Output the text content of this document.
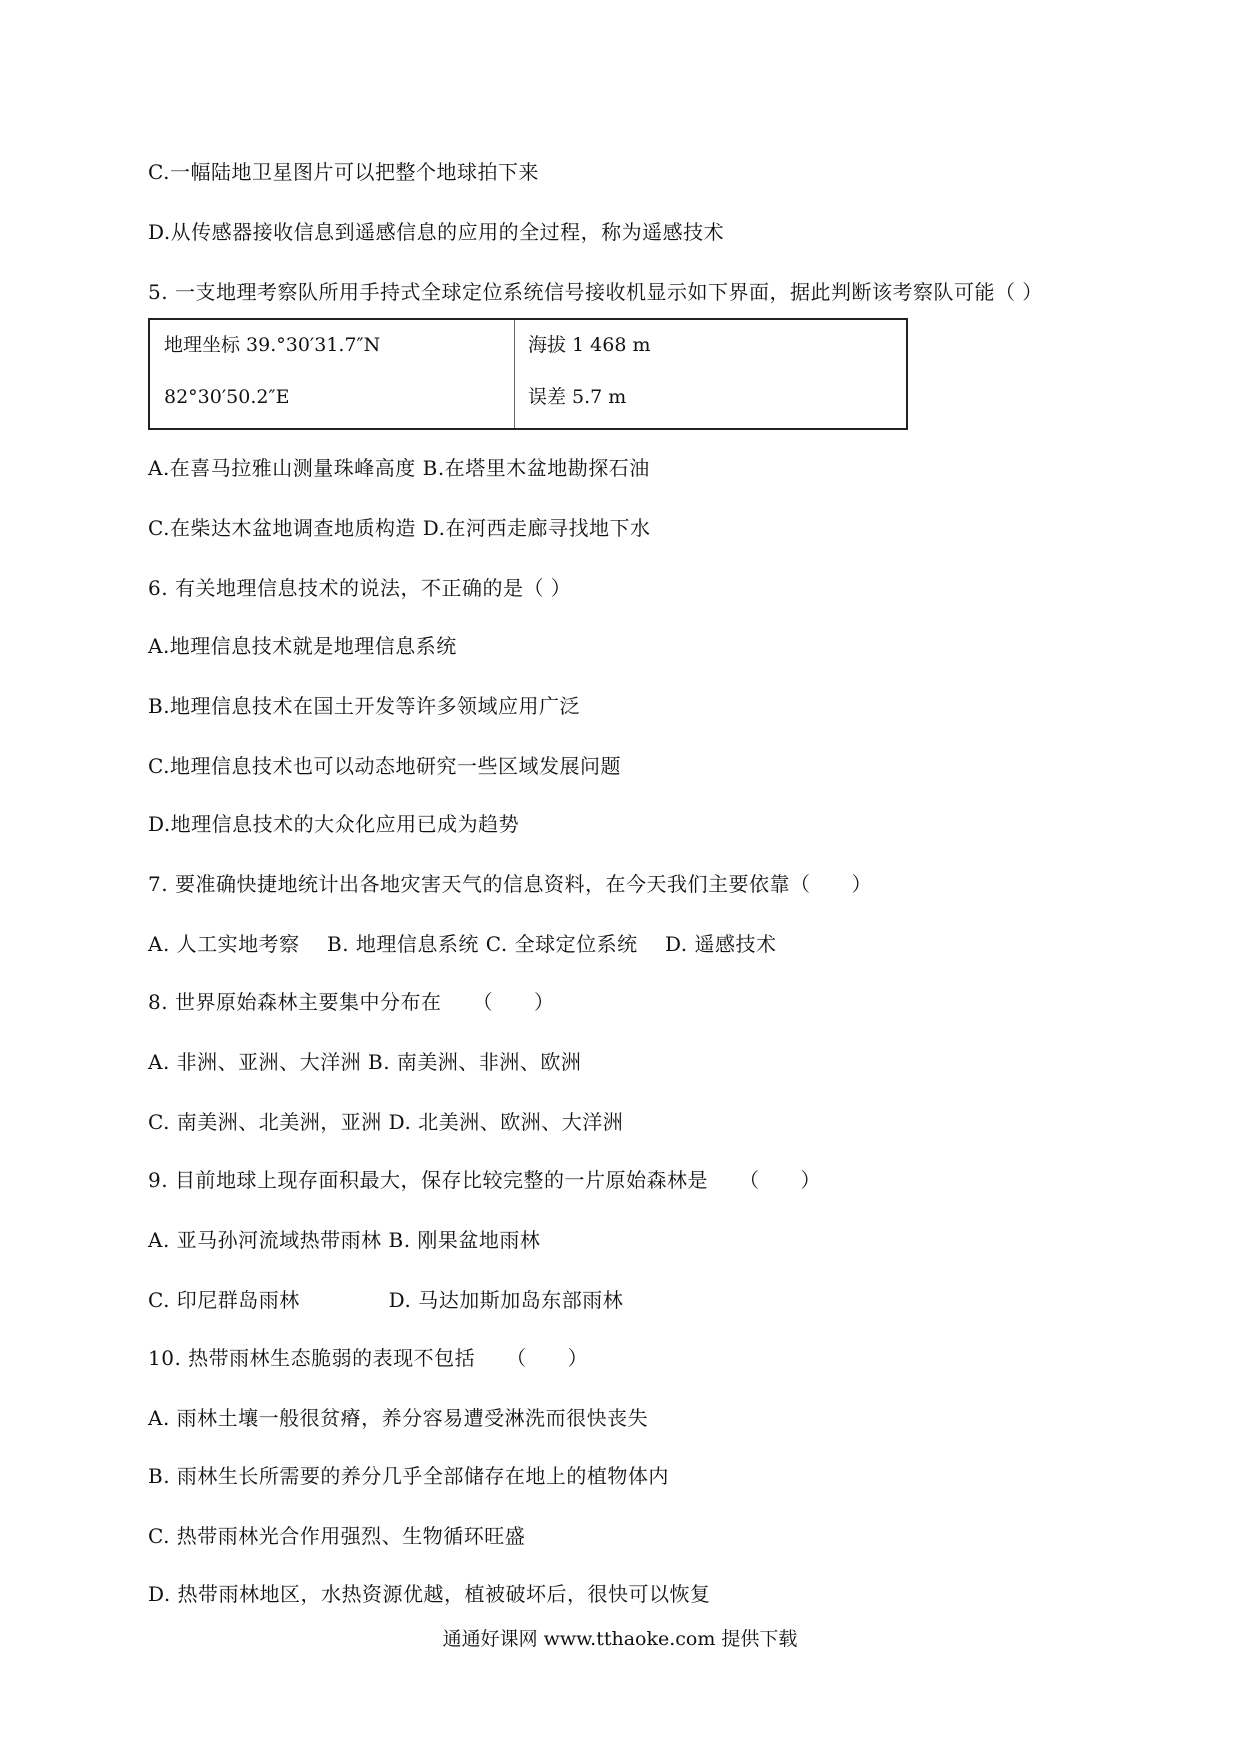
C.一幅陆地卫星图片可以把整个地球拍下来
D.从传感器接收信息到遥感信息的应用的全过程，称为遥感技术
5. 一支地理考察队所用手持式全球定位系统信号接收机显示如下界面，据此判断该考察队可能（ ）
地理坐标 39.°30′31.7″N
82°30′50.2″E
海拔 1 468 m
误差 5.7 m
A.在喜马拉雅山测量珠峰高度 B.在塔里木盆地勘探石油
C.在柴达木盆地调查地质构造 D.在河西走廊寻找地下水
6. 有关地理信息技术的说法，不正确的是（ ）
A.地理信息技术就是地理信息系统
B.地理信息技术在国土开发等许多领域应用广泛
C.地理信息技术也可以动态地研究一些区域发展问题
D.地理信息技术的大众化应用已成为趋势
7. 要准确快捷地统计出各地灾害天气的信息资料，在今天我们主要依靠（　　）
A. 人工实地考察　 B. 地理信息系统 C. 全球定位系统　 D. 遥感技术
8. 世界原始森林主要集中分布在　　（　　）
A. 非洲、亚洲、大洋洲 B. 南美洲、非洲、欧洲
C. 南美洲、北美洲，亚洲 D. 北美洲、欧洲、大洋洲
9. 目前地球上现存面积最大，保存比较完整的一片原始森林是　　（　　）
A. 亚马孙河流域热带雨林 B. 刚果盆地雨林
C. 印尼群岛雨林　　　　 D. 马达加斯加岛东部雨林
10. 热带雨林生态脆弱的表现不包括　　（　　）
A. 雨林土壤一般很贫瘠，养分容易遭受淋洗而很快丧失
B. 雨林生长所需要的养分几乎全部储存在地上的植物体内
C. 热带雨林光合作用强烈、生物循环旺盛
D. 热带雨林地区，水热资源优越，植被破坏后，很快可以恢复
通通好课网 www.tthaoke.com 提供下载
